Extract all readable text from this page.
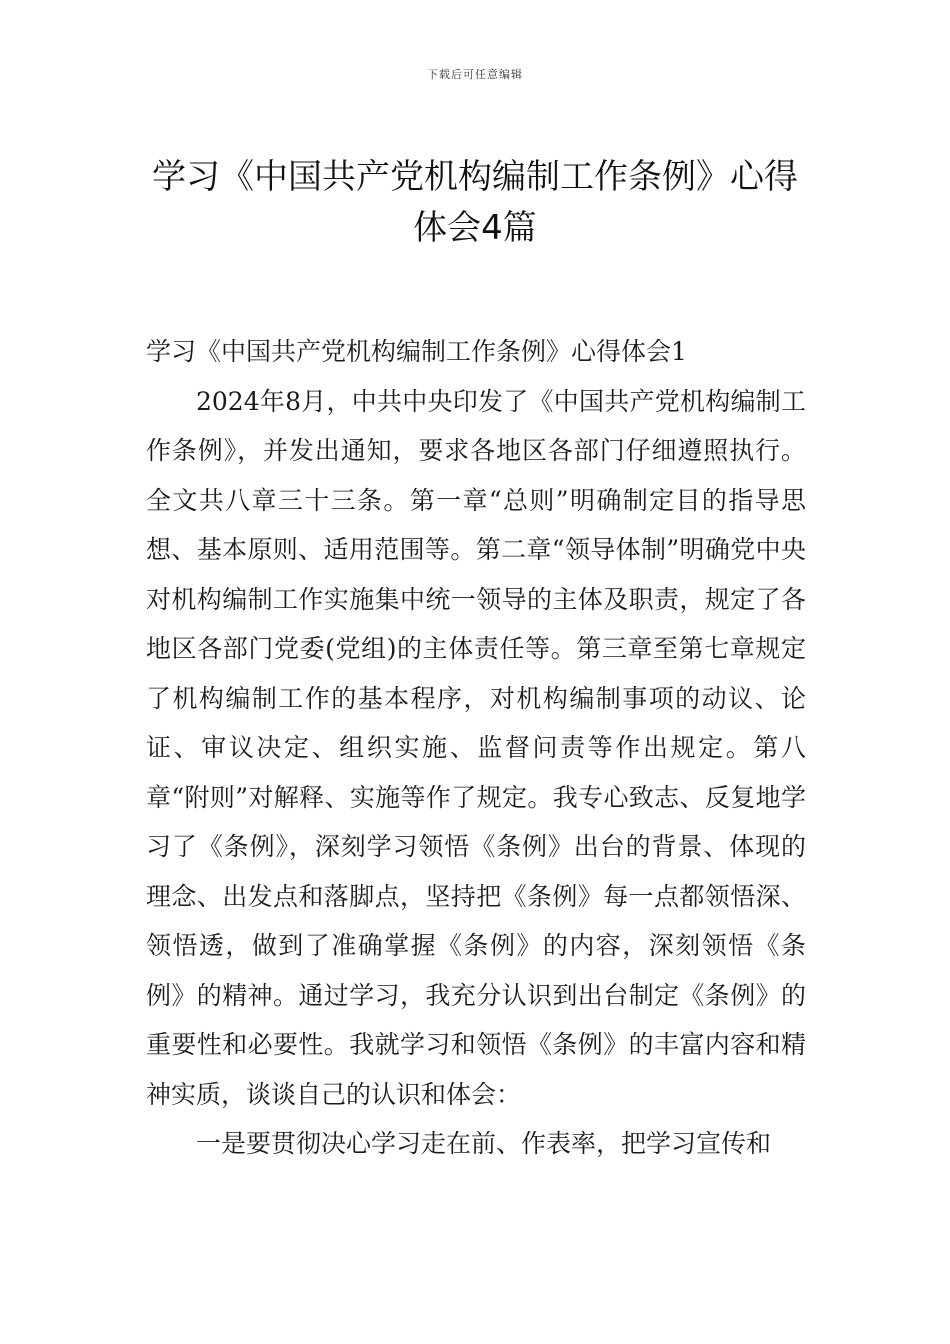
下载后可任意编辑
学习《中国共产党机构编制工作条例》心得体会4篇
学习《中国共产党机构编制工作条例》心得体会1

2024年8月，中共中央印发了《中国共产党机构编制工作条例》，并发出通知，要求各地区各部门仔细遵照执行。全文共八章三十三条。第一章“总则”明确制定目的指导思想、基本原则、适用范围等。第二章“领导体制”明确党中央对机构编制工作实施集中统一领导的主体及职责，规定了各地区各部门党委(党组)的主体责任等。第三章至第七章规定了机构编制工作的基本程序，对机构编制事项的动议、论证、审议决定、组织实施、监督问责等作出规定。第八章“附则”对解释、实施等作了规定。我专心致志、反复地学习了《条例》，深刻学习领悟《条例》出台的背景、体现的理念、出发点和落脚点，坚持把《条例》每一点都领悟深、领悟透，做到了准确掌握《条例》的内容，深刻领悟《条例》的精神。通过学习，我充分认识到出台制定《条例》的重要性和必要性。我就学习和领悟《条例》的丰富内容和精神实质，谈谈自己的认识和体会：

一是要贯彻决心学习走在前、作表率，把学习宣传和
